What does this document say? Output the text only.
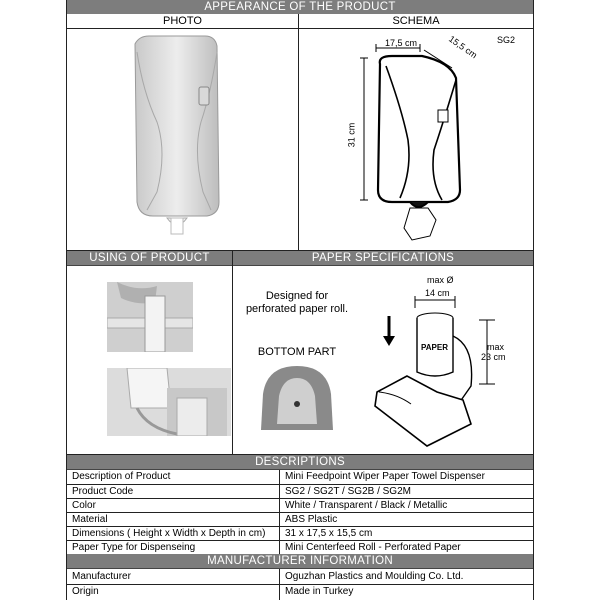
APPEARANCE OF THE PRODUCT
PHOTO	SCHEMA
17,5 cm	15,5 cm SG2
31 cm
USING OF PRODUCT	PAPER SPECIFICATIONS
Designed for perforated paper roll.
BOTTOM PART
max Ø
14 cm
max
23 cm
PAPER
DESCRIPTIONS
Description of Product	Mini Feedpoint Wiper Paper Towel Dispenser
Product Code	SG2 / SG2T / SG2B / SG2M
Color	White / Transparent / Black / Metallic
Material	ABS Plastic
Dimensions ( Height x Width x Depth in cm) 31 x 17,5 x 15,5 cm
Paper Type for Dispenseing	Mini Centerfeed Roll - Perforated Paper
MANUFACTURER INFORMATION
Manufacturer	Oguzhan Plastics and Moulding Co. Ltd.
Origin	Made in Turkey
